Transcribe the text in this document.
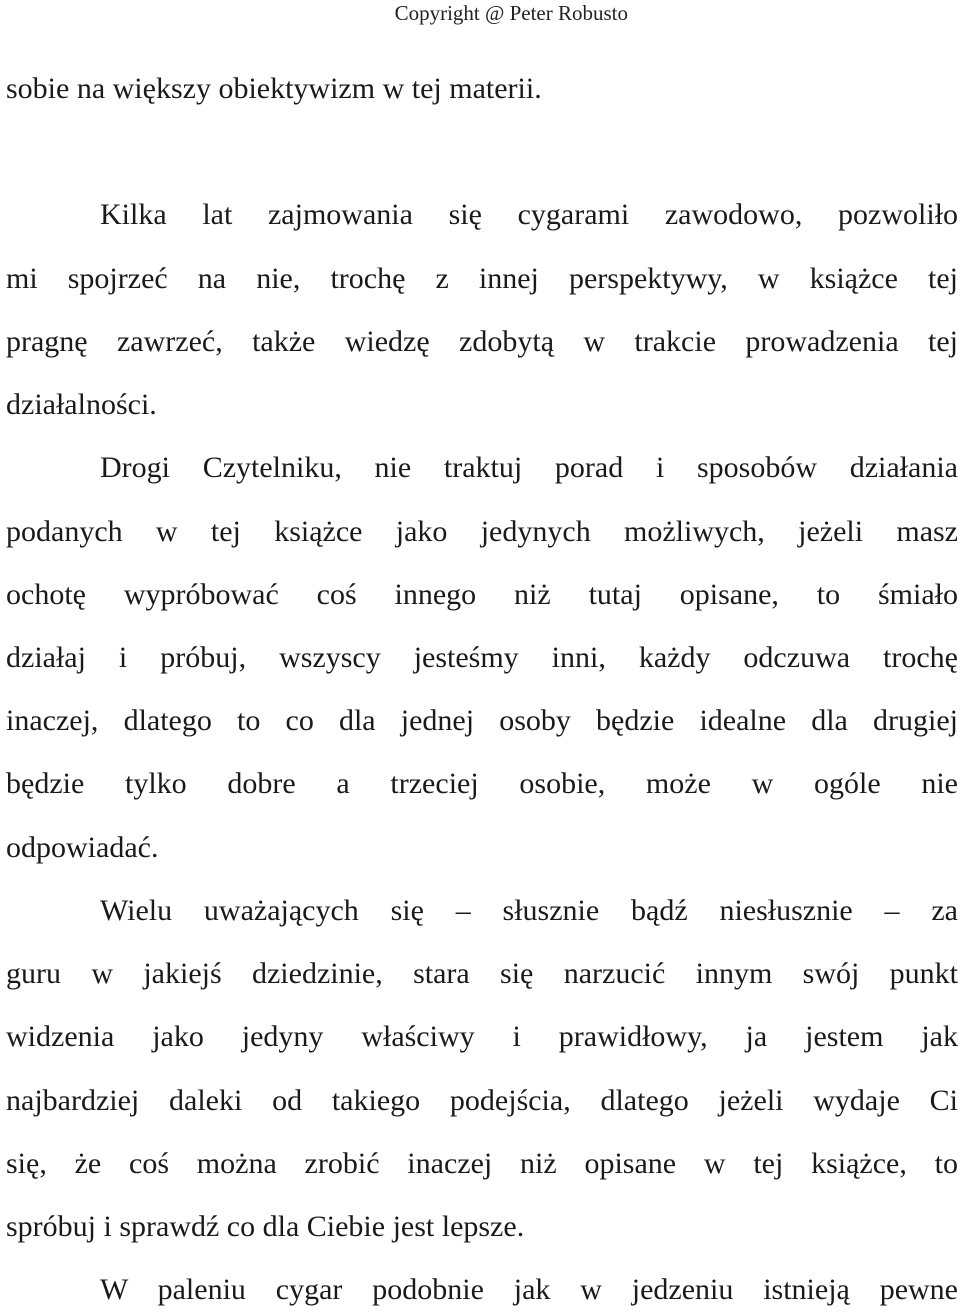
Copyright @ Peter Robusto
sobie na większy obiektywizm w tej materii.
Kilka lat zajmowania się cygarami zawodowo, pozwoliło
mi spojrzeć na nie, trochę z innej perspektywy, w książce tej
pragnę zawrzeć, także wiedzę zdobytą w trakcie prowadzenia tej
działalności.
Drogi Czytelniku, nie traktuj porad i sposobów działania
podanych w tej książce jako jedynych możliwych, jeżeli masz
ochotę wypróbować coś innego niż tutaj opisane, to śmiało
działaj i próbuj, wszyscy jesteśmy inni, każdy odczuwa trochę
inaczej, dlatego to co dla jednej osoby będzie idealne dla drugiej
będzie tylko dobre a trzeciej osobie, może w ogóle nie
odpowiadać.
Wielu uważających się – słusznie bądź niesłusznie – za
guru w jakiejś dziedzinie, stara się narzucić innym swój punkt
widzenia jako jedyny właściwy i prawidłowy, ja jestem jak
najbardziej daleki od takiego podejścia, dlatego jeżeli wydaje Ci
się, że coś można zrobić inaczej niż opisane w tej książce, to
spróbuj i sprawdź co dla Ciebie jest lepsze.
W paleniu cygar podobnie jak w jedzeniu istnieją pewne
